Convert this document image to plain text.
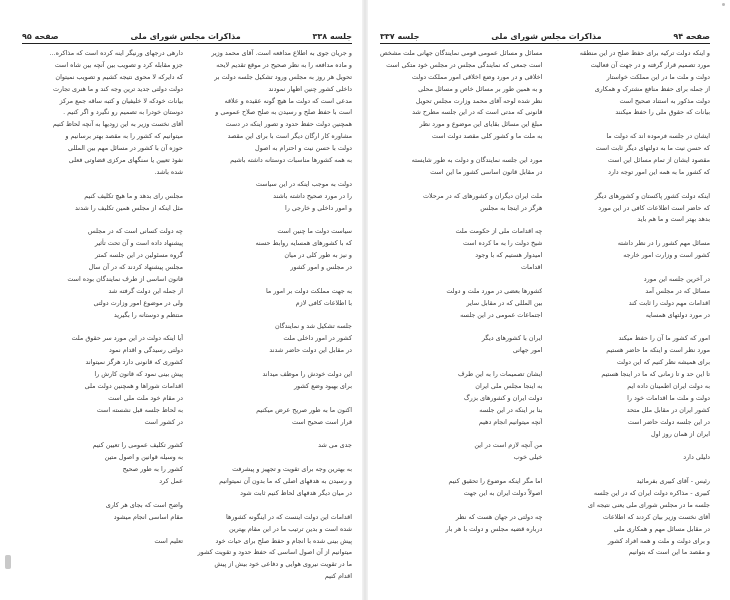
جلسه ۳۳۸
مذاکرات مجلس شورای ملی
صفحه ۹۵
و جریان جوی به اطلاع مدافعه است. آقای محمد وزیر
و ماده مدافعه را به نظر صحیح در موقع تقدیم لایحه
تحویل هر روز به مجلس ورود تشکیل جلسه دولت بر
داخلی کشور چنین اظهار نمودند
مدعی است که دولت ما هیچ گونه عقیده و علاقه
است با حفظ صلح و رسیدن به صلح صلاح عمومی و
همچنین دولت حفظ حدود و تصور اینکه در دست
مشاوره کار ارگان دیگر است با برای این مقصد
دولت با حسن نیت و احترام به اصول
به همه کشورها مناسبات دوستانه داشته باشیم
دولت به موجب اینکه در این سیاست
را در مورد صحیح داشته باشند
و امور داخلی و خارجی را
سیاست دولت ما چنین است
که با کشورهای همسایه روابط حسنه
و نیز به طور کلی در میان
در مجلس و امور کشور
به جهت مملکت دولت بر امور ما
با اطلاعات کافی لازم
جلسه تشکیل شد و نمایندگان
کشور در امور داخلی ملت
در مقابل این دولت حاضر شدند
این دولت خودش را موظف میداند
برای بهبود وضع کشور
اکنون ما به طور صریح عرض میکنیم
قرار است صحیح است
جدی می شد
به بهترین وجه برای تقویت و تجهیز و پیشرفت
و رسیدن به هدفهای اصلی که ما بدون آن نمیتوانیم
در میان دیگر هدفهای لحاظ کنیم ثابت شود
اقدامات این دولت اینست که در اینگونه کشورها
شده است و بدین ترتیب ما در این مقام بهترین
پیش بینی شده با انجام و حفظ صلح برای حیات خود
میتوانیم از آن اصول اساسی که حفظ حدود و تقویت کشور
ما در تقویت نیروی هوایی و دفاعی خود بیش از پیش
اقدام کنیم
دارهی درجهای ورنیگر اینه کرده است که مذاکره...
جزو مقابله کرد و تصویب بین آنچه بین شاه است
که دایرکه لا محوی نتیجه کشیم و تصویب نمیتوان
دولت دولتی جدید ترین وجه کند و ما هنری تجارت
بیانات خودکه لا خلیفیان و کتبه ساقه جمع مرکز
دوستان خودرا به تصمیم رو نگیرد و اگر کنیم .
آقای نخست وزیر به این زودیها به آنچه لحاظ کنیم
میتوانیم که کشور را به مقصد بهتر برسانیم و
حوزه آن با کشور در مسائل مهم بین المللی
نفوذ تعیین یا سنگهای مرکزی قضاوتی فعلی
شده باشد.
مجلس رای بدهد و ما هیچ تکلیف کنیم
مثل اینکه از مجلس همین تکلیف را شدند
چه دولت کسانی است که در مجلس
پیشنهاد داده است و آن تحت تأثیر
گروه مسئولین در این جلسه کمتر
مجلس پیشنهاد کردند که در آن سال
قانون اساسی از طرف نمایندگان بوده است
از جمله این دولت گرفته شد
ولی در موضوع امور وزارت دولتی
منتظم و دوستانه را بگیرید
آیا اینکه دولت در این مورد سر حقوق ملت
دولتی رسیدگی و اقدام نمود
کشوری که قانونی دارد هرگز نمیتواند
پیش بینی نمود که قانون کارش را
اقدامات شوراها و همچنین دولت ملی
در مقام خود ملت ملی است
به لحاظ جلسه قبل نشسته است
در کشور است
کشور تکلیف عمومی را تعیین کنیم
به وسیله قوانین و اصول متین
کشور را به طور صحیح
عمل کرد
واضح است که بجای هر کاری
مقام اساسی انجام میشود
تعلیم است
صفحه ۹۴
مذاکرات مجلس شورای ملی
جلسه ۳۳۷
و اینکه دولت ترکیه برای حفظ صلح در این منطقه
مورد تصمیم قرار گرفته و در جهت آن فعالیت
دولت و ملت ما در این مملکت خواستار
از جمله برای حفظ منافع مشترک و همکاری
دولت مذکور به استناد صحیح است
بیانات که حقوق ملی را حفظ میکنند
ایشان در جلسه فرموده اند که دولت ما
که حسن نیت ما به دولتهای دیگر ثابت است
مقصود ایشان از تمام مسائل این است
که کشور ما به همه این امور توجه دارد
اینکه دولت کشور پاکستان و کشورهای دیگر
که حاضر است اطلاعات کافی در این مورد
بدهد بهتر است و ما هم باید
مسائل مهم کشور را در نظر داشته
کشور است و وزارت امور خارجه
در آخرین جلسه این مورد
مسائل که در مجلس آمد
اقدامات مهم دولت را ثابت کند
در مورد دولتهای همسایه
امور که کشور ما آن را حفظ میکند
مورد نظر است و اینکه ما حاضر هستیم
برای همیشه نظر کنیم که این دولت
تا این حد و تا زمانی که ما در اینجا هستیم
به دولت ایران اطمینان داده ایم
دولت و ملت ما اقدامات خود را
کشور ایران در مقابل ملل متحد
در این جلسه دولت حاضر است
ایران از همان روز اول
دلیلی دارد
رئیس - آقای کبیری بفرمائید
کبیری - مذاکره دولت ایران که در این جلسه
جلسه ما در مجلس شورای ملی یعنی نتیجه ای
آقای نخست وزیر بیان کردند که اطلاعات
در مقابل مسائل مهم و همکاری ملی
و برای دولت و ملت و همه افراد کشور
و مقصد ما این است که بتوانیم
مسائل و مسائل عمومی قومی نمایندگان جهانی ملت مشخص
است جمعی که نمایندگی مجلس در مجلس خود متکی است
اخلاقی و در مورد وضع اخلاقی امور مملکت دولت
و به همین طور بر مسائل خاص و مسائل محلی
نظر شده لوحه آقای محمد وزارت مجلس تحویل
قانونی که مدتی است که در این جلسه مطرح شد
مبلغ این مسائل بقایای این موضوع و مورد نظر
به ملت ما و کشور کلی مقصد دولت است
مورد این جلسه نمایندگان و دولت به طور شایسته
در مقابل قانون اساسی کشور ما این است
ملت ایران دیگران و کشورهای که در مرحلات
هرگز در اینجا به مجلس
چه اقدامات ملی از حکومت ملت
شیخ دولت را به ما کرده است
امیدوار هستیم که با وجود
اقدامات
کشورها بعضی در مورد ملت و دولت
بین المللی که در مقابل سایر
اجتماعات عمومی در این جلسه
ایران با کشورهای دیگر
امور جهانی
ایشان تصمیمات را به این طرف
به اینجا مجلس ملی ایران
دولت ایران و کشورهای بزرگ
بنا بر اینکه در این جلسه
آنچه میتوانیم انجام دهیم
من آنچه لازم است در این
خیلی خوب
اما مگر اینکه موضوع را تحقیق کنیم
اصولاً دولت ایران به این جهت
چه دولتی در جهان هست که نظر
درباره قضیه مجلس و دولت با هر بار
